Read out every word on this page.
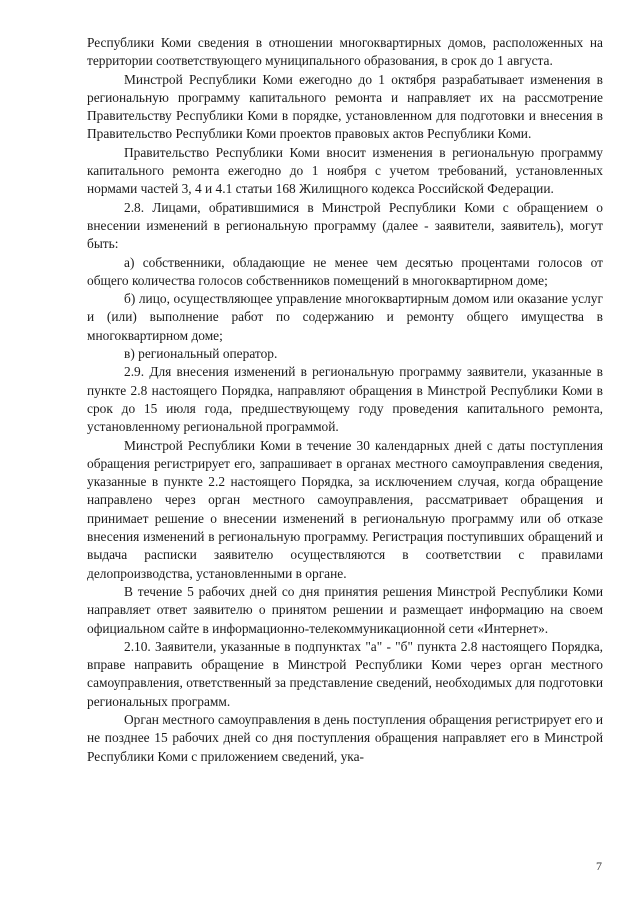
Республики Коми сведения в отношении многоквартирных домов, расположенных на территории соответствующего муниципального образования, в срок до 1 августа.

Минстрой Республики Коми ежегодно до 1 октября разрабатывает изменения в региональную программу капитального ремонта и направляет их на рассмотрение Правительству Республики Коми в порядке, установленном для подготовки и внесения в Правительство Республики Коми проектов правовых актов Республики Коми.

Правительство Республики Коми вносит изменения в региональную программу капитального ремонта ежегодно до 1 ноября с учетом требований, установленных нормами частей 3, 4 и 4.1 статьи 168 Жилищного кодекса Российской Федерации.

2.8. Лицами, обратившимися в Минстрой Республики Коми с обращением о внесении изменений в региональную программу (далее - заявители, заявитель), могут быть:

а) собственники, обладающие не менее чем десятью процентами голосов от общего количества голосов собственников помещений в многоквартирном доме;

б) лицо, осуществляющее управление многоквартирным домом или оказание услуг и (или) выполнение работ по содержанию и ремонту общего имущества в многоквартирном доме;

в) региональный оператор.

2.9. Для внесения изменений в региональную программу заявители, указанные в пункте 2.8 настоящего Порядка, направляют обращения в Минстрой Республики Коми в срок до 15 июля года, предшествующему году проведения капитального ремонта, установленному региональной программой.

Минстрой Республики Коми в течение 30 календарных дней с даты поступления обращения регистрирует его, запрашивает в органах местного самоуправления сведения, указанные в пункте 2.2 настоящего Порядка, за исключением случая, когда обращение направлено через орган местного самоуправления, рассматривает обращения и принимает решение о внесении изменений в региональную программу или об отказе внесения изменений в региональную программу. Регистрация поступивших обращений и выдача расписки заявителю осуществляются в соответствии с правилами делопроизводства, установленными в органе.

В течение 5 рабочих дней со дня принятия решения Минстрой Республики Коми направляет ответ заявителю о принятом решении и размещает информацию на своем официальном сайте в информационно-телекоммуникационной сети «Интернет».

2.10. Заявители, указанные в подпунктах "а" - "б" пункта 2.8 настоящего Порядка, вправе направить обращение в Минстрой Республики Коми через орган местного самоуправления, ответственный за представление сведений, необходимых для подготовки региональных программ.

Орган местного самоуправления в день поступления обращения регистрирует его и не позднее 15 рабочих дней со дня поступления обращения направляет его в Минстрой Республики Коми с приложением сведений, ука-

7
